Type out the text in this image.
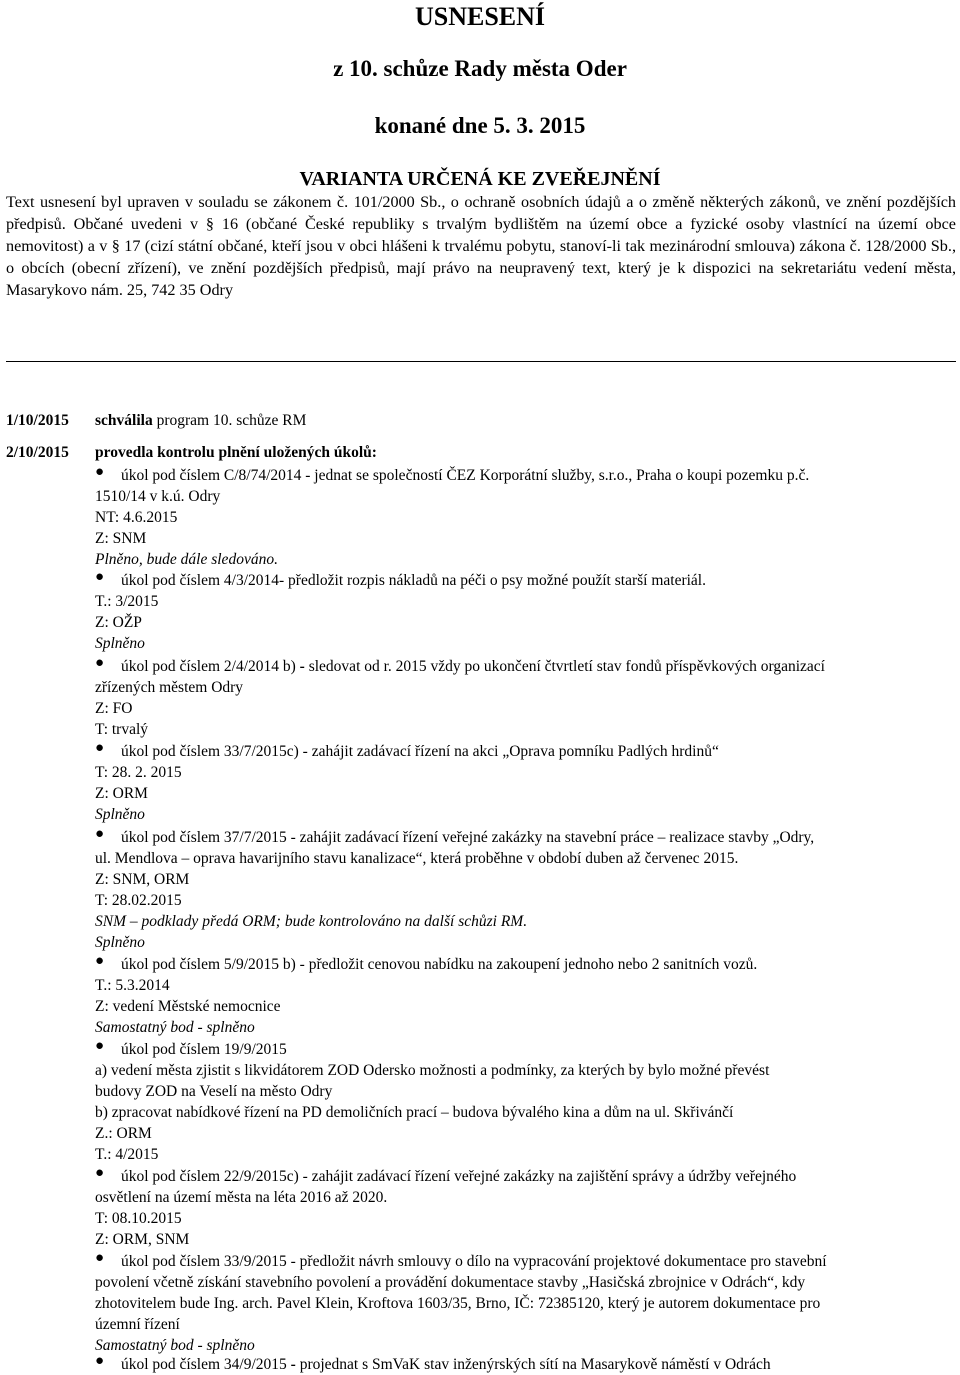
USNESENÍ
z 10. schůze Rady města Oder
konané dne 5. 3. 2015
VARIANTA URČENÁ KE ZVEŘEJNĚNÍ
Text usnesení byl upraven v souladu se zákonem č. 101/2000 Sb., o ochraně osobních údajů a o změně některých zákonů, ve znění pozdějších předpisů. Občané uvedeni v § 16 (občané České republiky s trvalým bydlištěm na území obce a fyzické osoby vlastnící na území obce nemovitost) a v § 17 (cizí státní občané, kteří jsou v obci hlášeni k trvalému pobytu, stanoví-li tak mezinárodní smlouva) zákona č. 128/2000 Sb., o obcích (obecní zřízení), ve znění pozdějších předpisů, mají právo na neupravený text, který je k dispozici na sekretariátu vedení města, Masarykovo nám. 25, 742 35 Odry
1/10/2015 schválila program 10. schůze RM
2/10/2015 provedla kontrolu plnění uložených úkolů:
● úkol pod číslem C/8/74/2014 - jednat se společností ČEZ Korporátní služby, s.r.o., Praha o koupi pozemku p.č.
1510/14 v k.ú. Odry
NT: 4.6.2015
Z: SNM
Plněno, bude dále sledováno.
● úkol pod číslem 4/3/2014- předložit rozpis nákladů na péči o psy možné použít starší materiál.
T.: 3/2015
Z: OŽP
Splněno
● úkol pod číslem 2/4/2014 b) - sledovat od r. 2015 vždy po ukončení čtvrtletí stav fondů příspěvkových organizací
zřízených městem Odry
Z: FO
T: trvalý
● úkol pod číslem 33/7/2015c) - zahájit zadávací řízení na akci „Oprava pomníku Padlých hrdinů“
T: 28. 2. 2015
Z: ORM
Splněno
● úkol pod číslem 37/7/2015 - zahájit zadávací řízení veřejné zakázky na stavební práce – realizace stavby „Odry,
ul. Mendlova – oprava havarijního stavu kanalizace“, která proběhne v období duben až červenec 2015.
Z: SNM, ORM
T: 28.02.2015
SNM – podklady předá ORM; bude kontrolováno na další schůzi RM.
Splněno
● úkol pod číslem 5/9/2015 b) - předložit cenovou nabídku na zakoupení jednoho nebo 2 sanitních vozů.
T.: 5.3.2014
Z: vedení Městské nemocnice
Samostatný bod - splněno
● úkol pod číslem 19/9/2015
a) vedení města zjistit s likvidátorem ZOD Odersko možnosti a podmínky, za kterých by bylo možné převést
budovy ZOD na Veselí na město Odry
b) zpracovat nabídkové řízení na PD demoličních prací – budova bývalého kina a dům na ul. Skřivánčí
Z.: ORM
T.: 4/2015
● úkol pod číslem 22/9/2015c) - zahájit zadávací řízení veřejné zakázky na zajištění správy a údržby veřejného
osvětlení na území města na léta 2016 až 2020.
T: 08.10.2015
Z: ORM, SNM
● úkol pod číslem 33/9/2015 - předložit návrh smlouvy o dílo na vypracování projektové dokumentace pro stavební
povolení včetně získání stavebního povolení a provádění dokumentace stavby „Hasičská zbrojnice v Odrách“, kdy
zhotovitelem bude Ing. arch. Pavel Klein, Kroftova 1603/35, Brno, IČ: 72385120, který je autorem dokumentace pro
územní řízení
Samostatný bod - splněno
● úkol pod číslem 34/9/2015 - projednat s SmVaK stav inženýrských sítí na Masarykově náměstí v Odrách
